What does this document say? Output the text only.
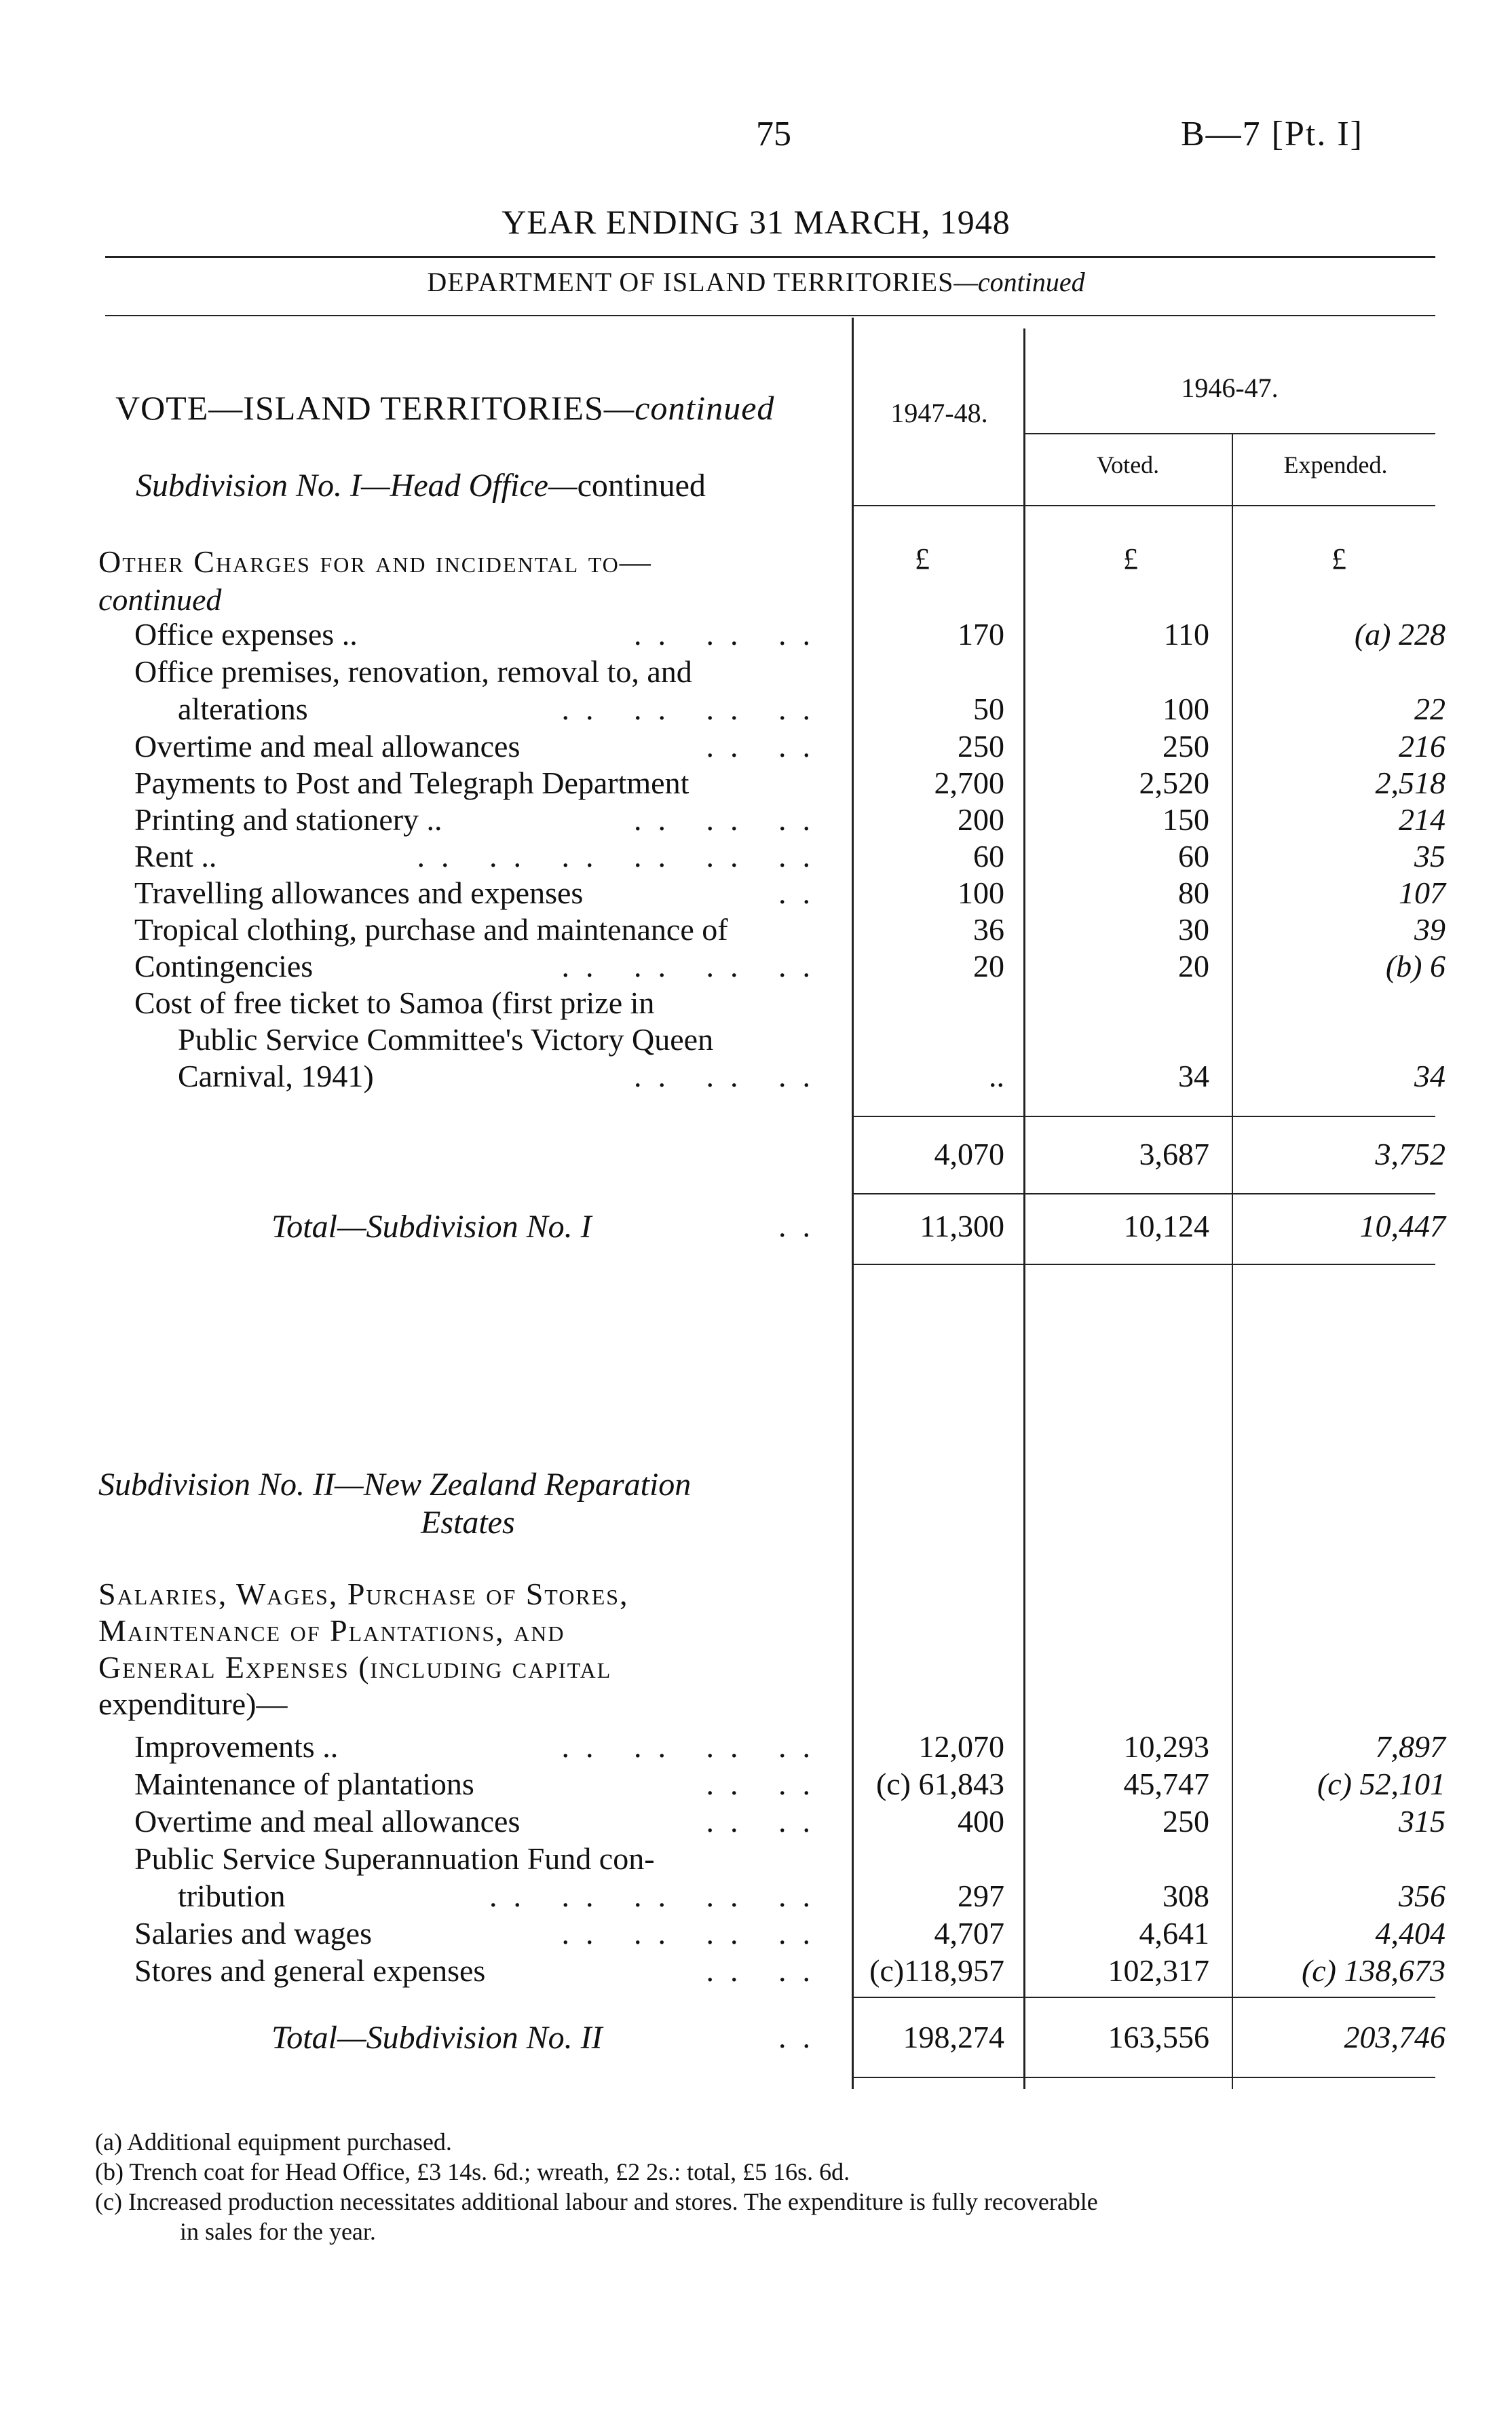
75	B—7 [Pt. I]
YEAR ENDING 31 MARCH, 1948
DEPARTMENT OF ISLAND TERRITORIES—continued
1947-48.
1946-47.
Voted.	Expended.
£	£	£
VOTE—ISLAND TERRITORIES—continued
Subdivision No. I—Head Office—continued
Other Charges for and incidental to—
continued
Office expenses ..	.. .. ..	170	110	(a) 228
Office premises, renovation, removal to, and
alterations	.. .. .. ..	50	100	22
Overtime and meal allowances	.. ..	250	250	216
Payments to Post and Telegraph Department	2,700	2,520	2,518
Printing and stationery ..	.. .. ..	200	150	214
Rent ..	.. .. .. .. .. ..	60	60	35
Travelling allowances and expenses	..	100	80	107
Tropical clothing, purchase and maintenance of	36	30	39
Contingencies	.. .. .. ..	20	20	(b) 6
Cost of free ticket to Samoa (first prize in
Public Service Committee's Victory Queen
Carnival, 1941)	.. .. ..	..	34	34
4,070	3,687	3,752
Total—Subdivision No. I	..	11,300	10,124	10,447
Subdivision No. II—New Zealand Reparation
Estates
Salaries, Wages, Purchase of Stores,
Maintenance of Plantations, and
General Expenses (including capital
expenditure)—
Improvements ..	.. .. .. ..	12,070	10,293	7,897
Maintenance of plantations	.. ..	(c) 61,843	45,747	(c) 52,101
Overtime and meal allowances	.. ..	400	250	315
Public Service Superannuation Fund con-
tribution	.. .. .. .. ..	297	308	356
Salaries and wages	.. .. .. ..	4,707	4,641	4,404
Stores and general expenses	.. ..	(c)118,957	102,317	(c) 138,673
Total—Subdivision No. II	..	198,274	163,556	203,746
(a) Additional equipment purchased.
(b) Trench coat for Head Office, £3 14s. 6d.; wreath, £2 2s.: total, £5 16s. 6d.
(c) Increased production necessitates additional labour and stores. The expenditure is fully recoverable
in sales for the year.
